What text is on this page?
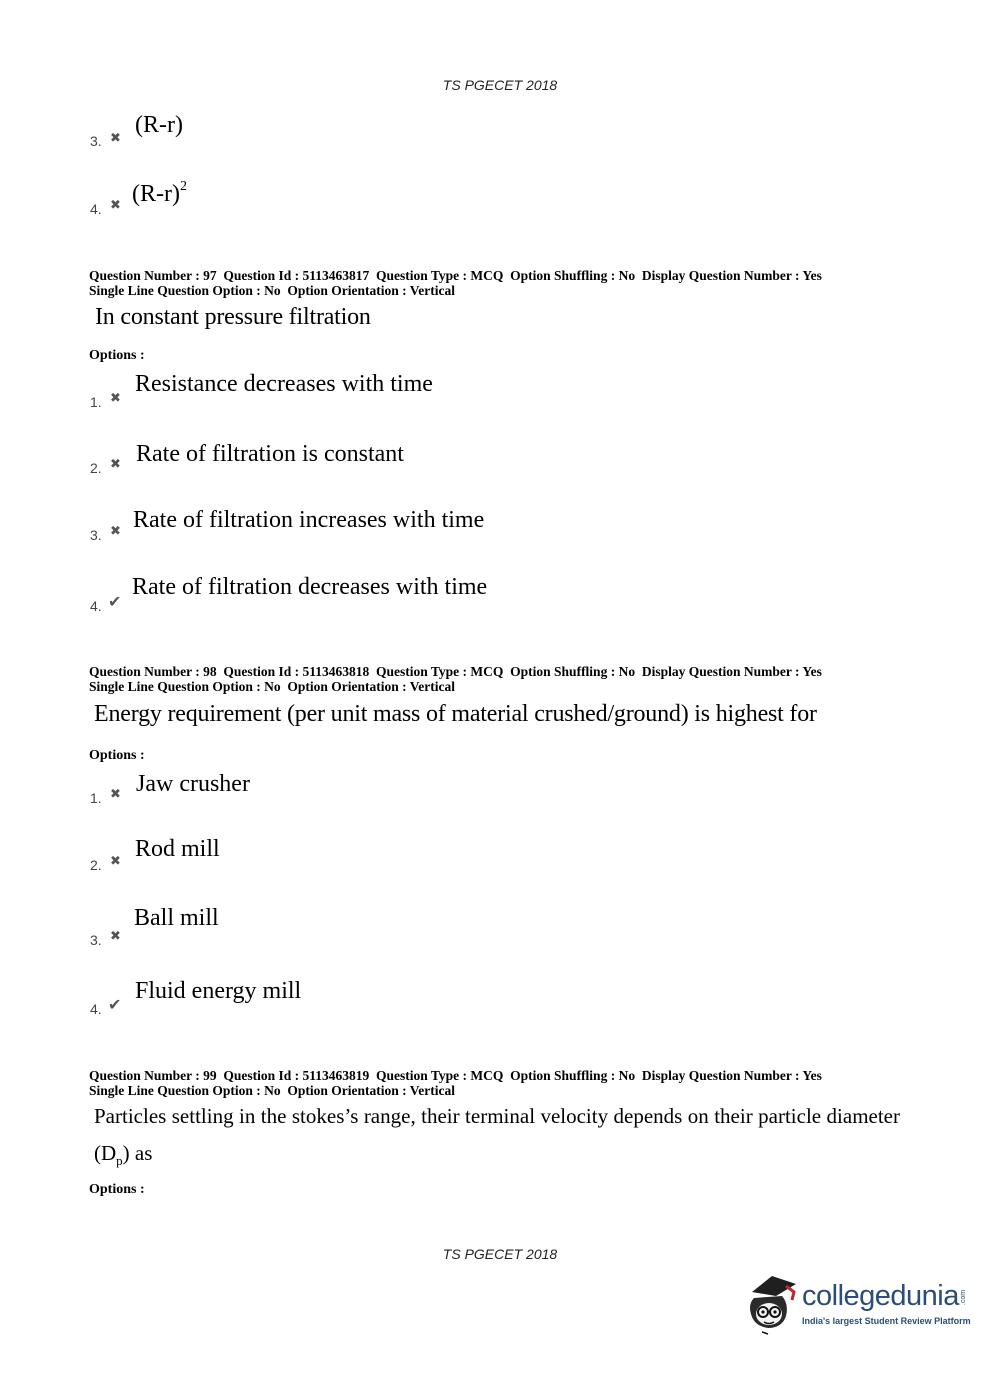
TS PGECET 2018
3. ✖ (R-r)
4. ✖ $(R-r)^2$
Question Number : 97  Question Id : 5113463817  Question Type : MCQ  Option Shuffling : No  Display Question Number : Yes
Single Line Question Option : No  Option Orientation : Vertical
In constant pressure filtration
Options :
1. ✖
Resistance decreases with time
2. ✖ Rate of filtration is constant
3. ✖ Rate of filtration increases with time
4. ✔
Rate of filtration decreases with time
Question Number : 98  Question Id : 5113463818  Question Type : MCQ  Option Shuffling : No  Display Question Number : Yes
Single Line Question Option : No  Option Orientation : Vertical
Energy requirement (per unit mass of material crushed/ground) is highest for
Options :
1. ✖ Jaw crusher
2. ✖ Rod mill
3. ✖
Ball mill
4. ✔
Fluid energy mill
Question Number : 99  Question Id : 5113463819  Question Type : MCQ  Option Shuffling : No  Display Question Number : Yes
Single Line Question Option : No  Option Orientation : Vertical
Particles settling in the stokes’s range, their terminal velocity depends on their particle diameter
$(D_p)$ as
Options :
TS PGECET 2018
collegedunia .com
India's largest Student Review Platform
